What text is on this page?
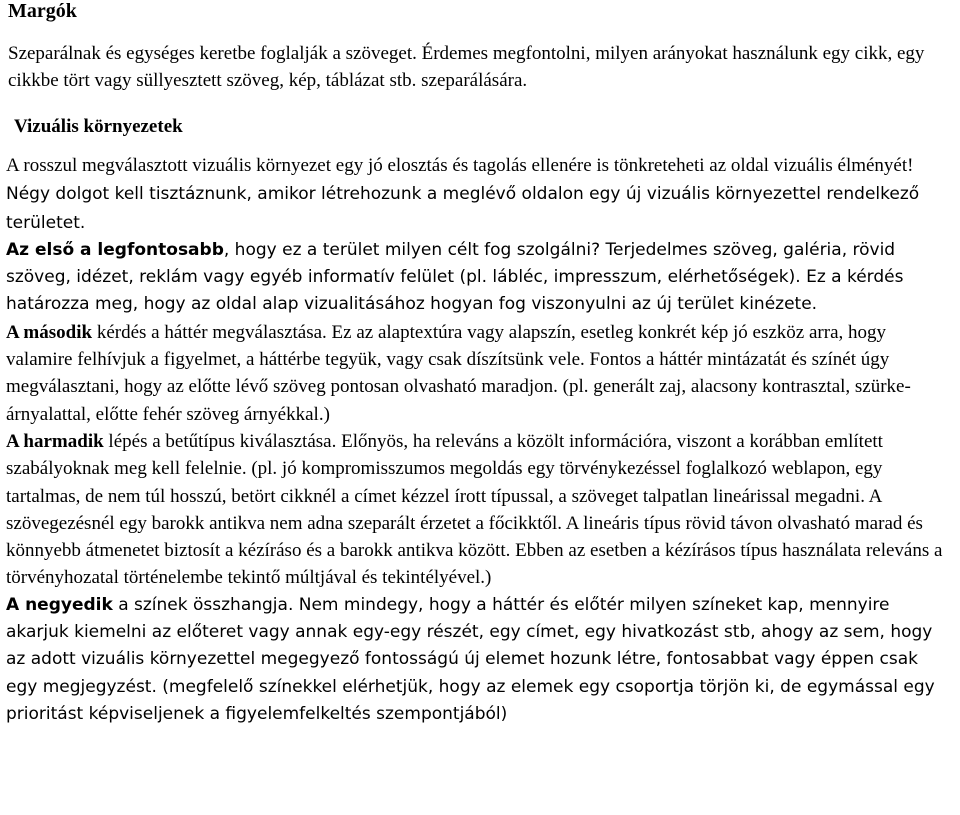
Margók

Szeparálnak és egységes keretbe foglalják a szöveget. Érdemes megfontolni, milyen arányokat használunk egy cikk, egy cikkbe tört vagy süllyesztett szöveg, kép, táblázat stb. szeparálására.

Vizuális környezetek

A rosszul megválasztott vizuális környezet egy jó elosztás és tagolás ellenére is tönkreteheti az oldal vizuális élményét! Négy dolgot kell tisztáznunk, amikor létrehozunk a meglévő oldalon egy új vizuális környezettel rendelkező területet.

Az első a legfontosabb, hogy ez a terület milyen célt fog szolgálni? Terjedelmes szöveg, galéria, rövid szöveg, idézet, reklám vagy egyéb informatív felület (pl. lábléc, impresszum, elérhetőségek). Ez a kérdés határozza meg, hogy az oldal alap vizualitásához hogyan fog viszonyulni az új terület kinézete.

A második kérdés a háttér megválasztása. Ez az alaptextúra vagy alapszín, esetleg konkrét kép jó eszköz arra, hogy valamire felhívjuk a figyelmet, a háttérbe tegyük, vagy csak díszítsünk vele. Fontos a háttér mintázatát és színét úgy megválasztani, hogy az előtte lévő szöveg pontosan olvasható maradjon. (pl. generált zaj, alacsony kontrasztal, szürke-árnyalattal, előtte fehér szöveg árnyékkal.)

A harmadik lépés a betűtípus kiválasztása. Előnyös, ha releváns a közölt információra, viszont a korábban említett szabályoknak meg kell felelnie. (pl. jó kompromisszumos megoldás egy törvénykezéssel foglalkozó weblapon, egy tartalmas, de nem túl hosszú, betört cikknél a címet kézzel írott típussal, a szöveget talpatlan lineárissal megadni. A szövegezésnél egy barokk antikva nem adna szeparált érzetet a főcikktől. A lineáris típus rövid távon olvasható marad és könnyebb átmenetet biztosít a kézíráso és a barokk antikva között. Ebben az esetben a kézírásos típus használata releváns a törvényhozatal történelembe tekintő múltjával és tekintélyével.)

A negyedik a színek összhangja. Nem mindegy, hogy a háttér és előtér milyen színeket kap, mennyire akarjuk kiemelni az előteret vagy annak egy-egy részét, egy címet, egy hivatkozást stb, ahogy az sem, hogy az adott vizuális környezettel megegyező fontosságú új elemet hozunk létre, fontosabbat vagy éppen csak egy megjegyzést. (megfelelő színekkel elérhetjük, hogy az elemek egy csoportja törjön ki, de egymással egy prioritást képviseljenek a figyelemfelkeltés szempontjából)
